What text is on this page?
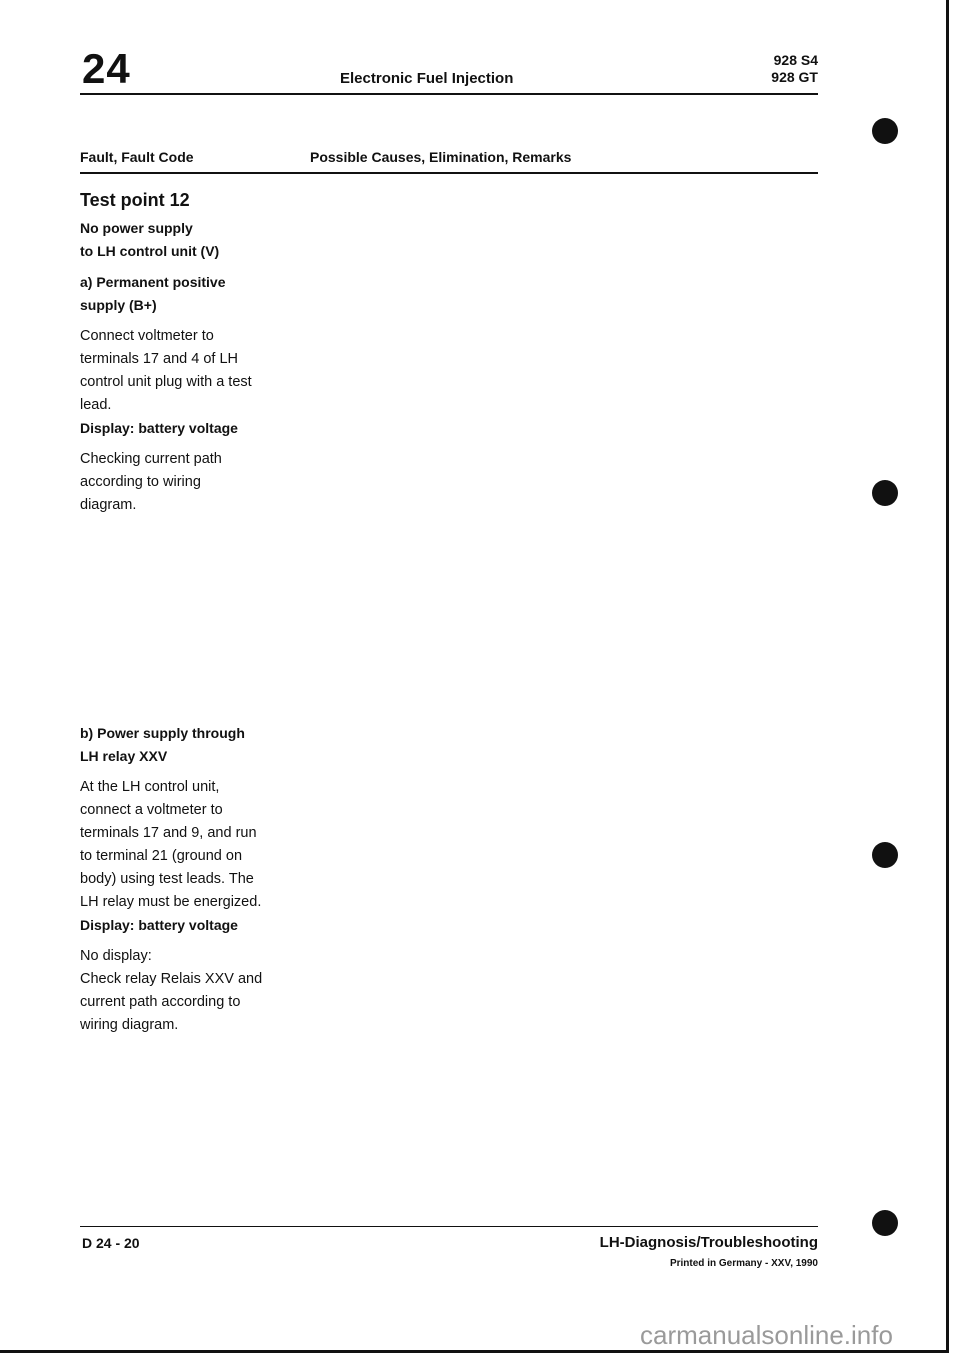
24	Electronic Fuel Injection
928 S4
928 GT
Fault, Fault Code	Possible Causes, Elimination, Remarks

Test point 12

No power supply

to LH control unit (V)

a) Permanent positive

supply (B+)

Connect voltmeter to

terminals 17 and 4 of LH

control unit plug with a test

lead.

Display: battery voltage

Checking current path

according to wiring

diagram.

b) Power supply through

LH relay XXV

At the LH control unit,

connect a voltmeter to

terminals 17 and 9, and run

to terminal 21 (ground on

body) using test leads. The

LH relay must be energized.

Display: battery voltage

No display:

Check relay Relais XXV and

current path according to

wiring diagram.

D 24 - 20	LH-Diagnosis/Troubleshooting
Printed in Germany - XXV, 1990
carmanualsonline.info
